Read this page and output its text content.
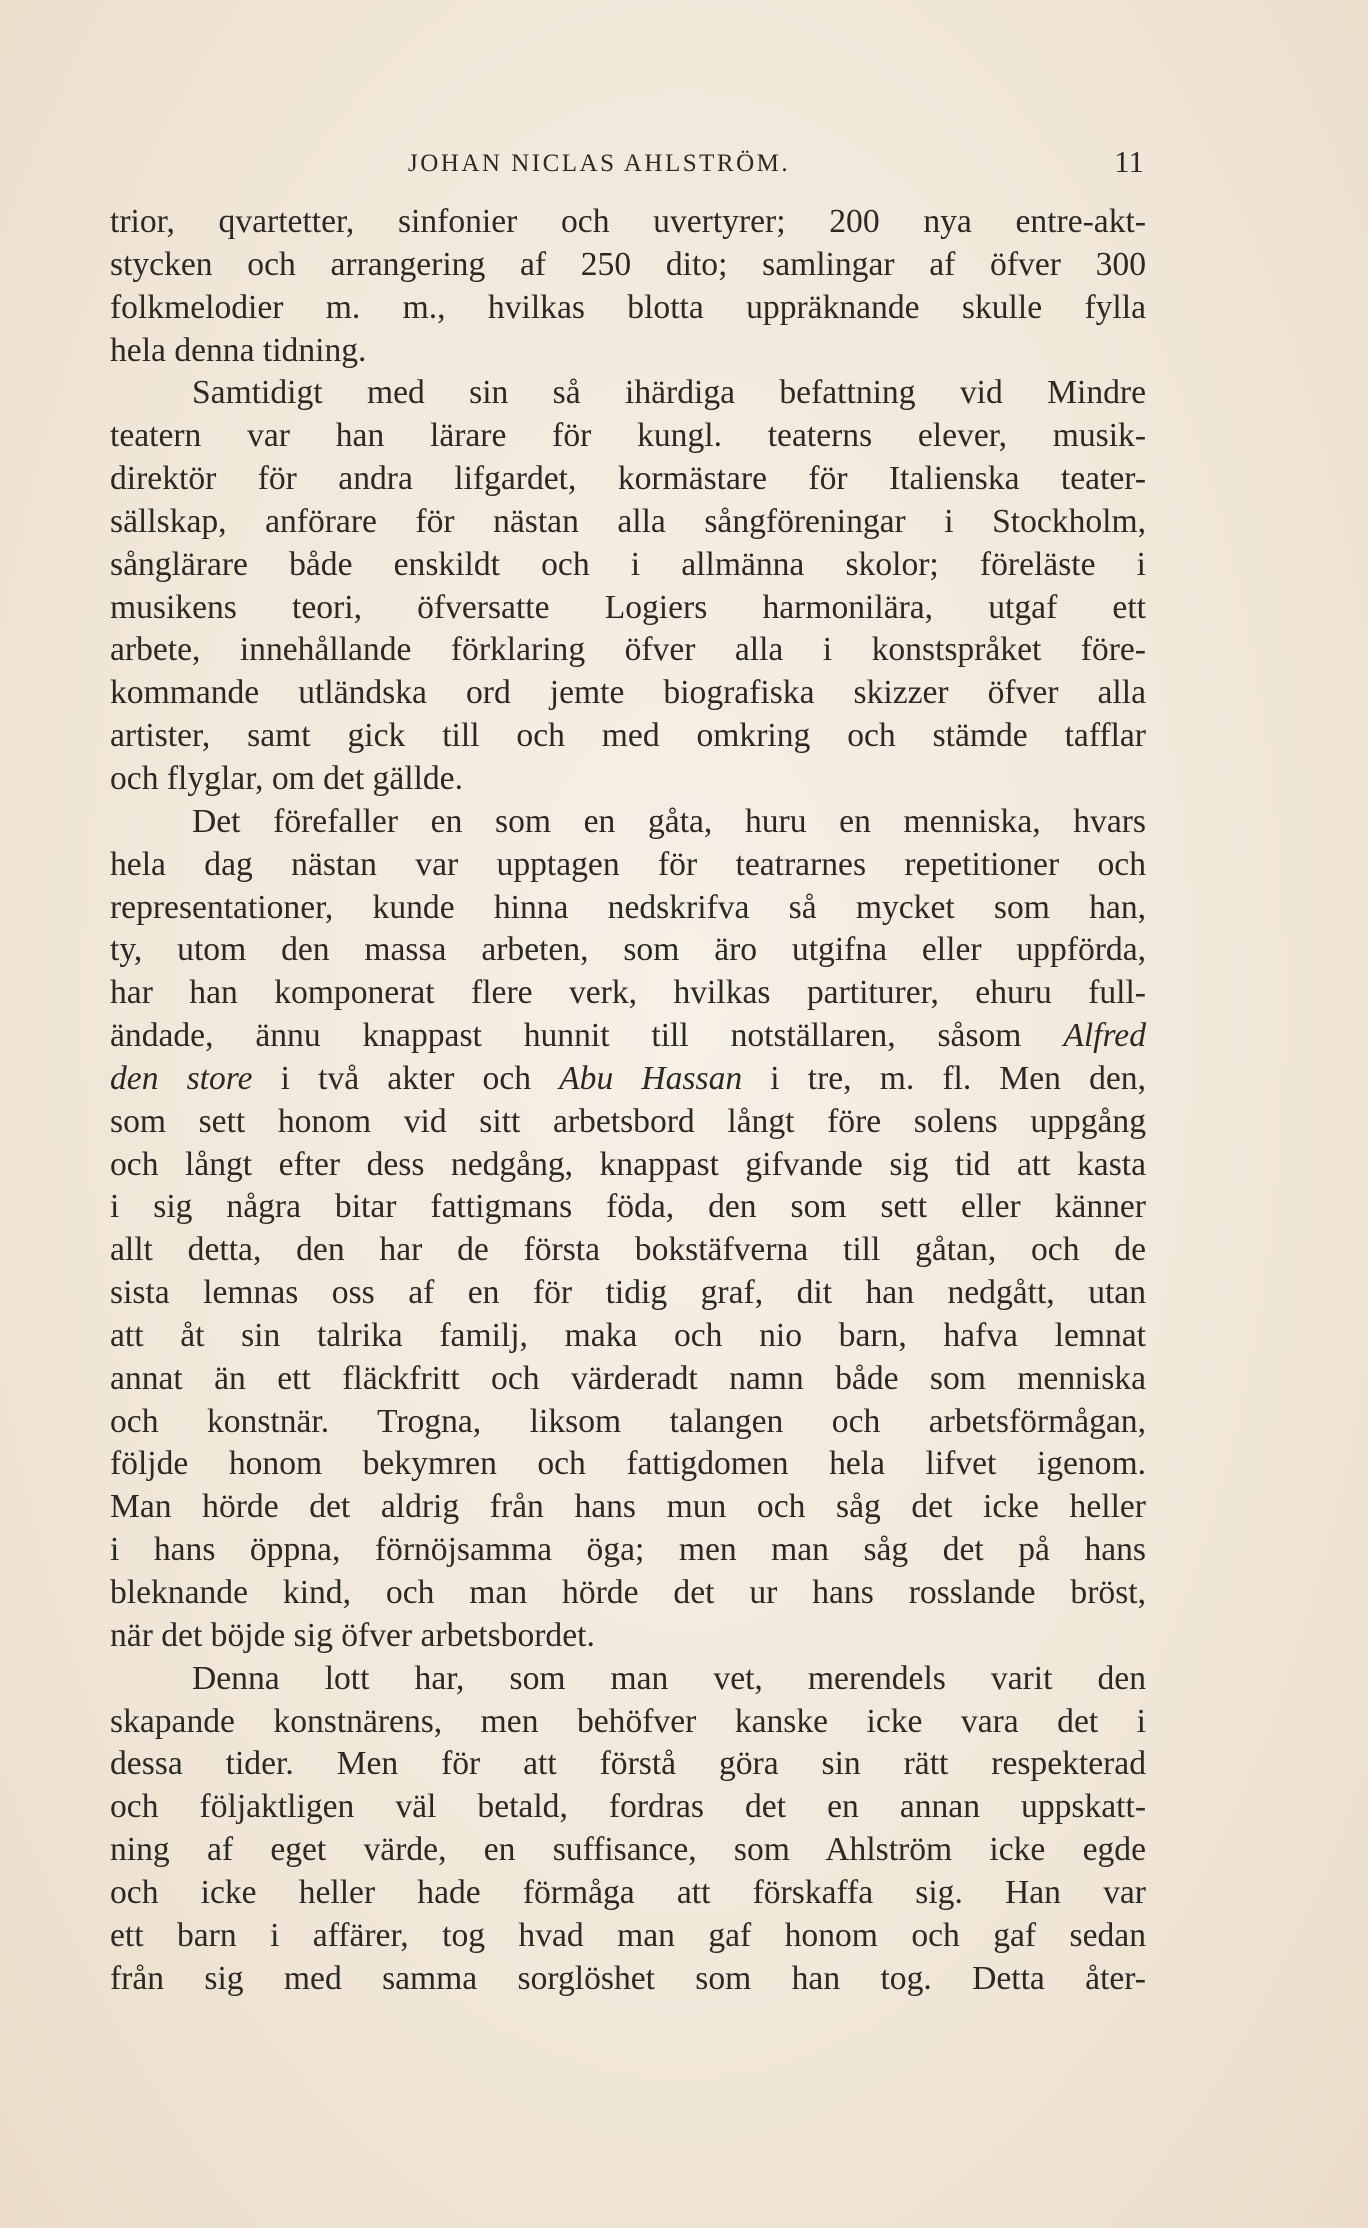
JOHAN NICLAS AHLSTRÖM.	11
trior, qvartetter, sinfonier och uvertyrer; 200 nya entre-akt-
stycken och arrangering af 250 dito; samlingar af öfver 300
folkmelodier m. m., hvilkas blotta uppräknande skulle fylla
hela denna tidning.
Samtidigt med sin så ihärdiga befattning vid Mindre
teatern var han lärare för kungl. teaterns elever, musik-
direktör för andra lifgardet, kormästare för Italienska teater-
sällskap, anförare för nästan alla sångföreningar i Stockholm,
sånglärare både enskildt och i allmänna skolor; föreläste i
musikens teori, öfversatte Logiers harmonilära, utgaf ett
arbete, innehållande förklaring öfver alla i konstspråket före-
kommande utländska ord jemte biografiska skizzer öfver alla
artister, samt gick till och med omkring och stämde tafflar
och flyglar, om det gällde.
Det förefaller en som en gåta, huru en menniska, hvars
hela dag nästan var upptagen för teatrarnes repetitioner och
representationer, kunde hinna nedskrifva så mycket som han,
ty, utom den massa arbeten, som äro utgifna eller uppförda,
har han komponerat flere verk, hvilkas partiturer, ehuru full-
ändade, ännu knappast hunnit till notställaren, såsom Alfred
den store i två akter och Abu Hassan i tre, m. fl. Men den,
som sett honom vid sitt arbetsbord långt före solens uppgång
och långt efter dess nedgång, knappast gifvande sig tid att kasta
i sig några bitar fattigmans föda, den som sett eller känner
allt detta, den har de första bokstäfverna till gåtan, och de
sista lemnas oss af en för tidig graf, dit han nedgått, utan
att åt sin talrika familj, maka och nio barn, hafva lemnat
annat än ett fläckfritt och värderadt namn både som menniska
och konstnär. Trogna, liksom talangen och arbetsförmågan,
följde honom bekymren och fattigdomen hela lifvet igenom.
Man hörde det aldrig från hans mun och såg det icke heller
i hans öppna, förnöjsamma öga; men man såg det på hans
bleknande kind, och man hörde det ur hans rosslande bröst,
när det böjde sig öfver arbetsbordet.
Denna lott har, som man vet, merendels varit den
skapande konstnärens, men behöfver kanske icke vara det i
dessa tider. Men för att förstå göra sin rätt respekterad
och följaktligen väl betald, fordras det en annan uppskatt-
ning af eget värde, en suffisance, som Ahlström icke egde
och icke heller hade förmåga att förskaffa sig. Han var
ett barn i affärer, tog hvad man gaf honom och gaf sedan
från sig med samma sorglöshet som han tog. Detta åter-
